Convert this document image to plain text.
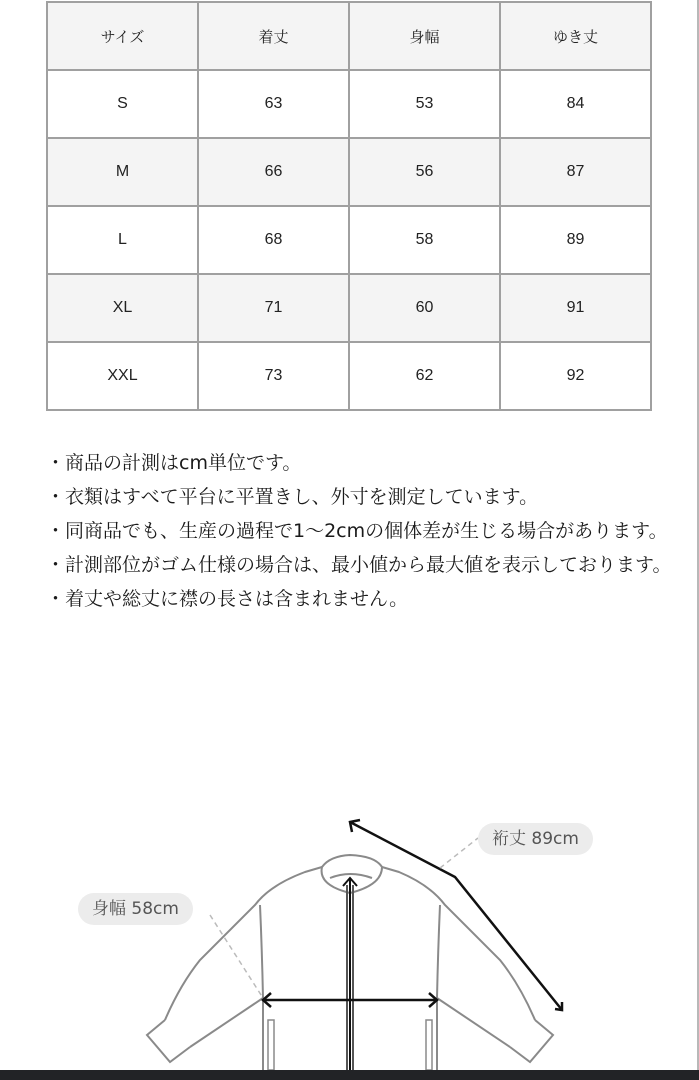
サイズ	着丈	身幅	ゆき丈
S	63	53	84
M	66	56	87
L	68	58	89
XL	71	60	91
XXL	73	62	92

・商品の計測はcm単位です。

・衣類はすべて平台に平置きし、外寸を測定しています。

・同商品でも、生産の過程で1～2cmの個体差が生じる場合があります。

・計測部位がゴム仕様の場合は、最小値から最大値を表示しております。

・着丈や総丈に襟の長さは含まれません。

身幅 58cm
裄丈 89cm
